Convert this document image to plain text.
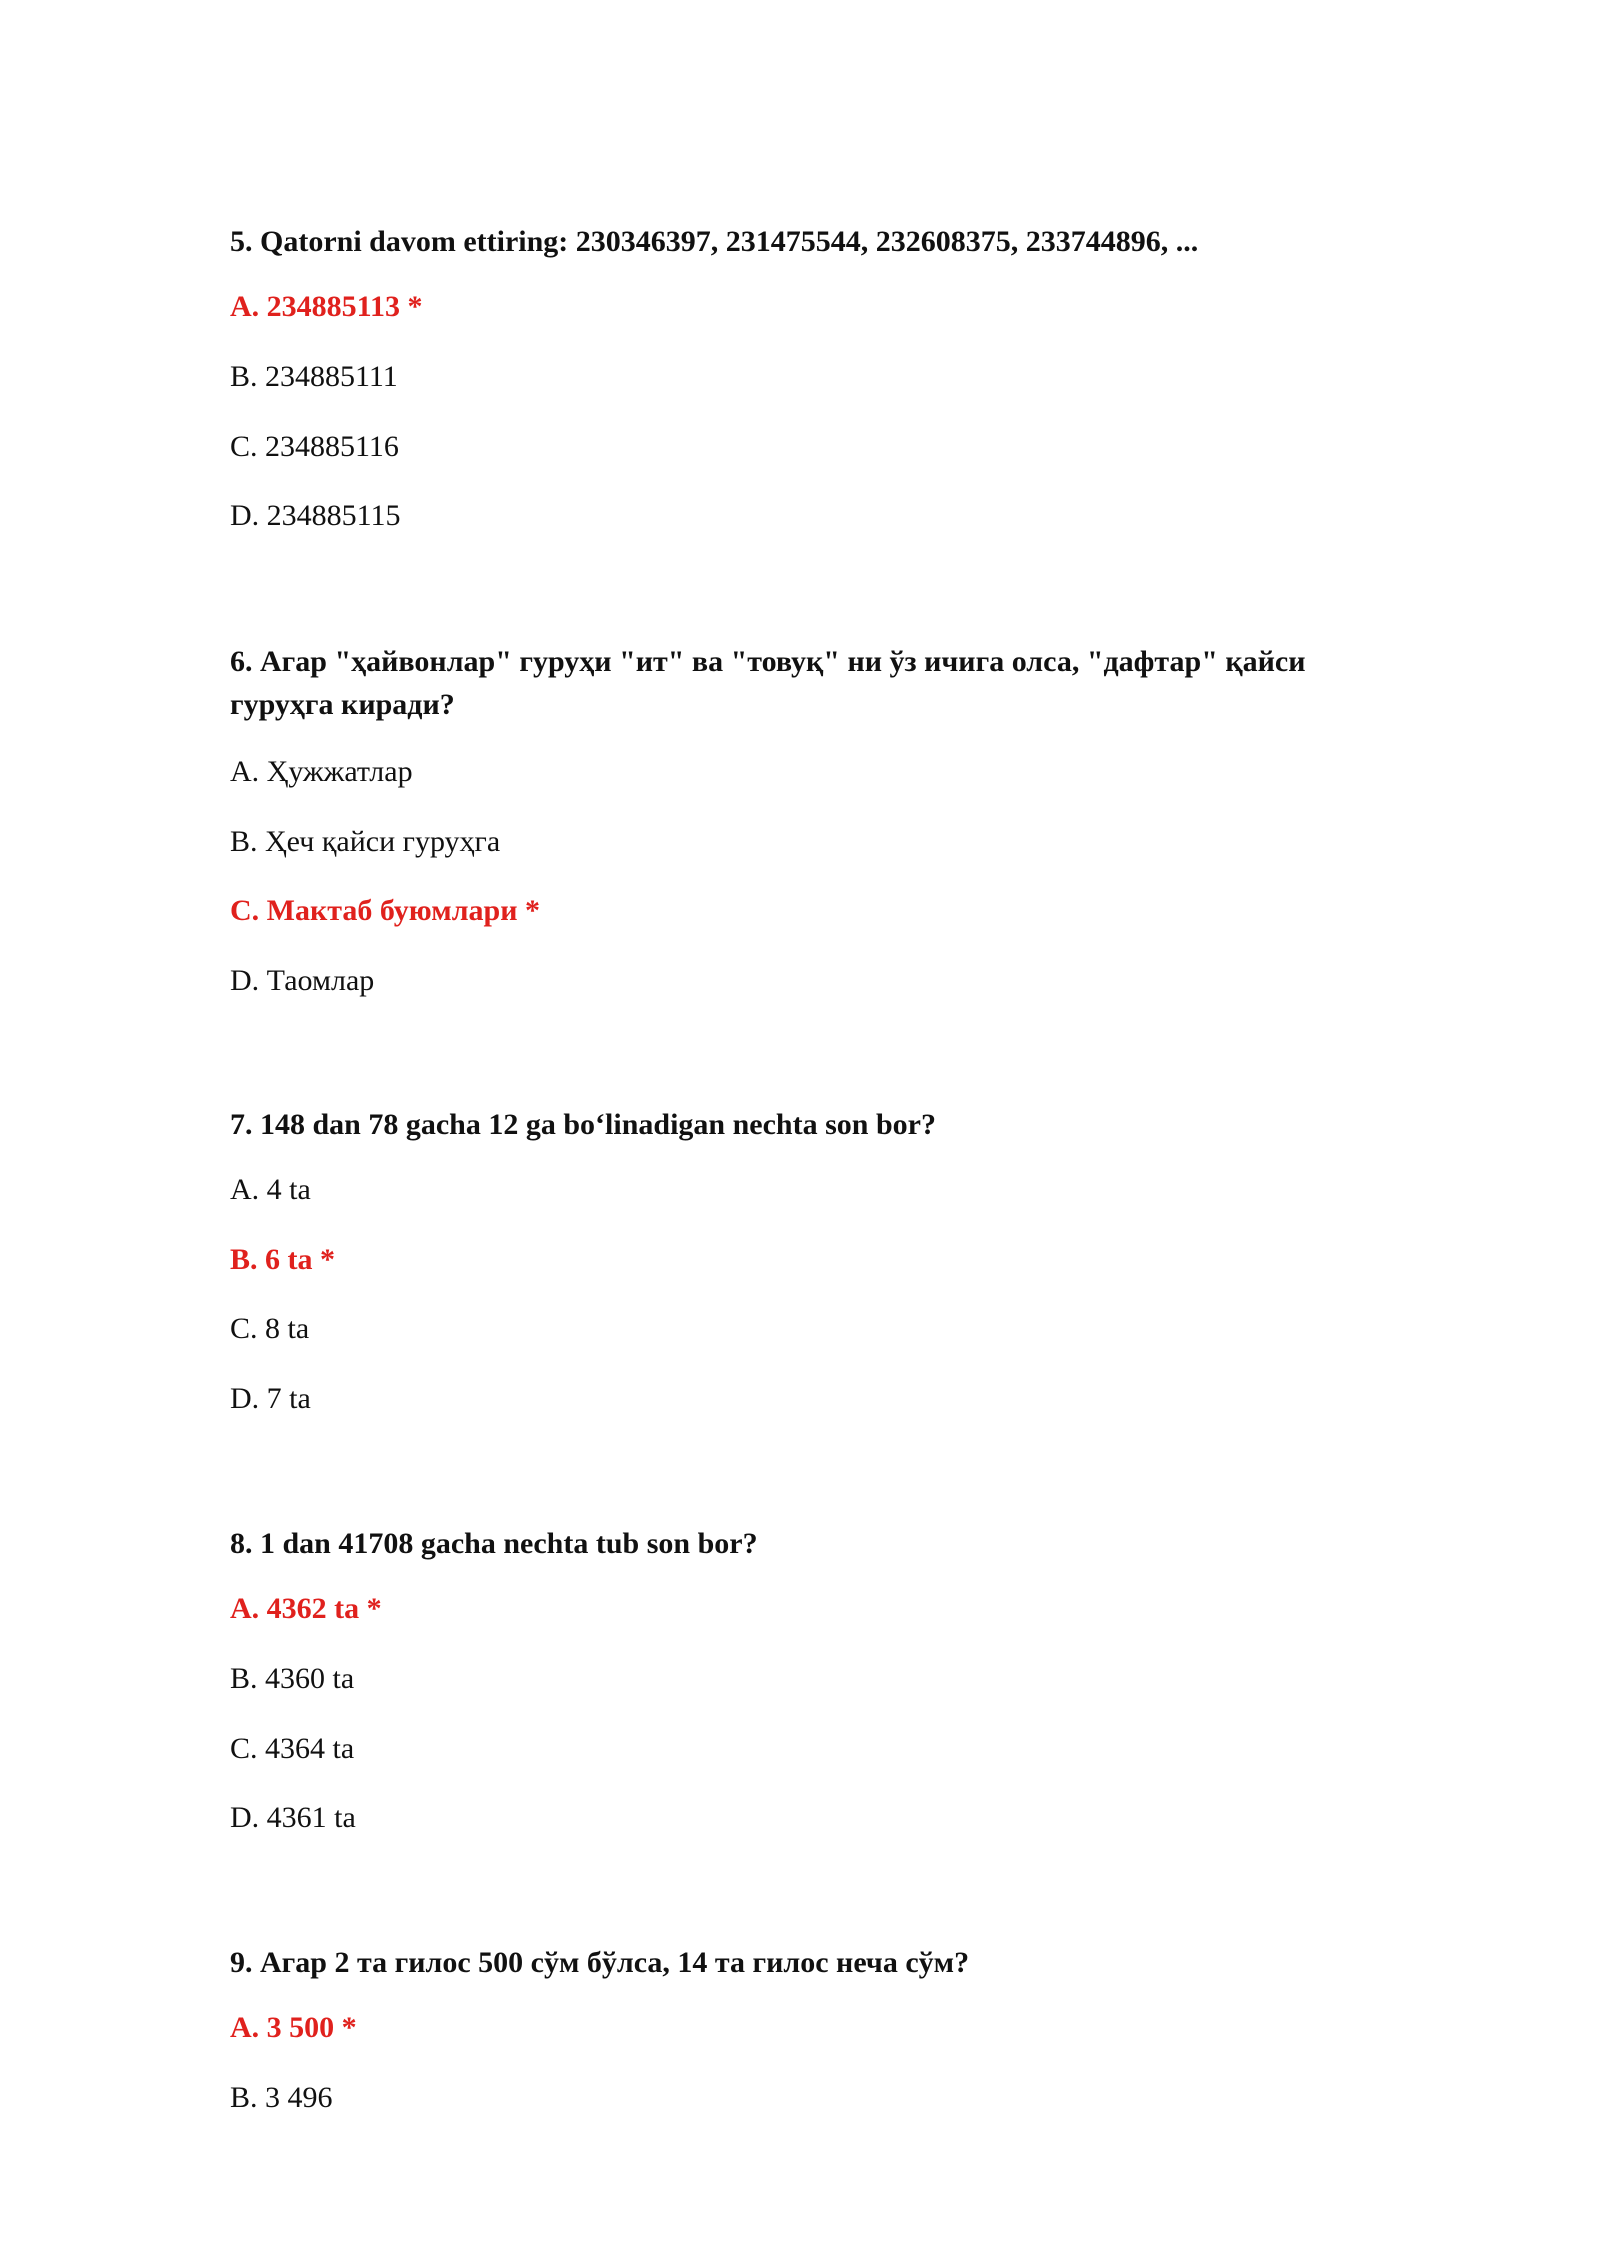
5. Qatorni davom ettiring: 230346397, 231475544, 232608375, 233744896, ...

A. 234885113 *

B. 234885111

C. 234885116

D. 234885115

6. Агар "ҳайвонлар" гуруҳи "ит" ва "товуқ" ни ўз ичига олса, "дафтар" қайси гуруҳга киради?

A. Ҳужжатлар

B. Ҳеч қайси гуруҳга

C. Мактаб буюмлари *

D. Таомлар

7. 148 dan 78 gacha 12 ga bo‘linadigan nechta son bor?

A. 4 ta

B. 6 ta *

C. 8 ta

D. 7 ta

8. 1 dan 41708 gacha nechta tub son bor?

A. 4362 ta *

B. 4360 ta

C. 4364 ta

D. 4361 ta

9. Агар 2 та гилос 500 сўм бўлса, 14 та гилос неча сўм?

A. 3 500 *

B. 3 496
